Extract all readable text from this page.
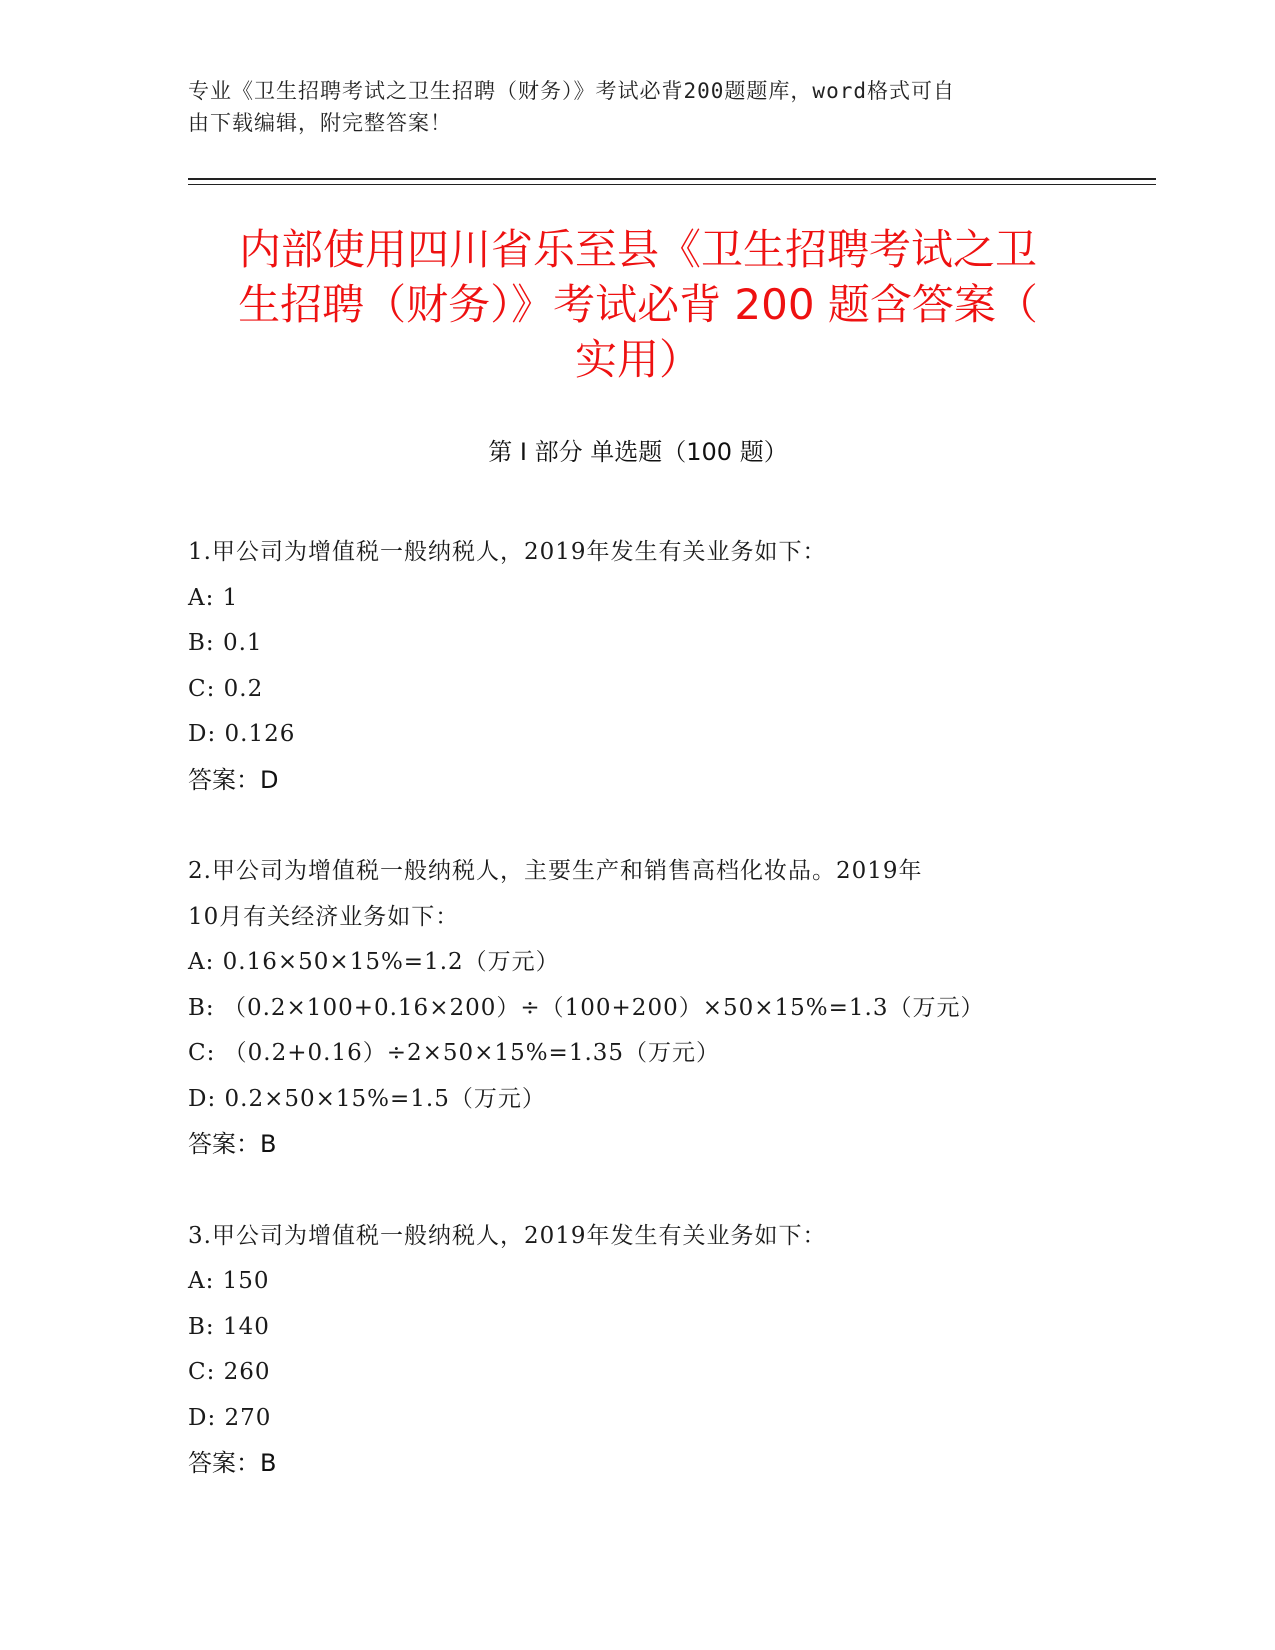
专业《卫生招聘考试之卫生招聘（财务）》考试必背200题题库，word格式可自
由下载编辑，附完整答案！
内部使用四川省乐至县《卫生招聘考试之卫
生招聘（财务）》考试必背 200 题含答案（
实用）
第 I 部分 单选题（100 题）
1.甲公司为增值税一般纳税人，2019年发生有关业务如下：
A: 1
B: 0.1
C: 0.2
D: 0.126
答案：D
2.甲公司为增值税一般纳税人，主要生产和销售高档化妆品。2019年
10月有关经济业务如下：
A: 0.16×50×15%=1.2（万元）
B: （0.2×100+0.16×200）÷（100+200）×50×15%=1.3（万元）
C: （0.2+0.16）÷2×50×15%=1.35（万元）
D: 0.2×50×15%=1.5（万元）
答案：B
3.甲公司为增值税一般纳税人，2019年发生有关业务如下：
A: 150
B: 140
C: 260
D: 270
答案：B
